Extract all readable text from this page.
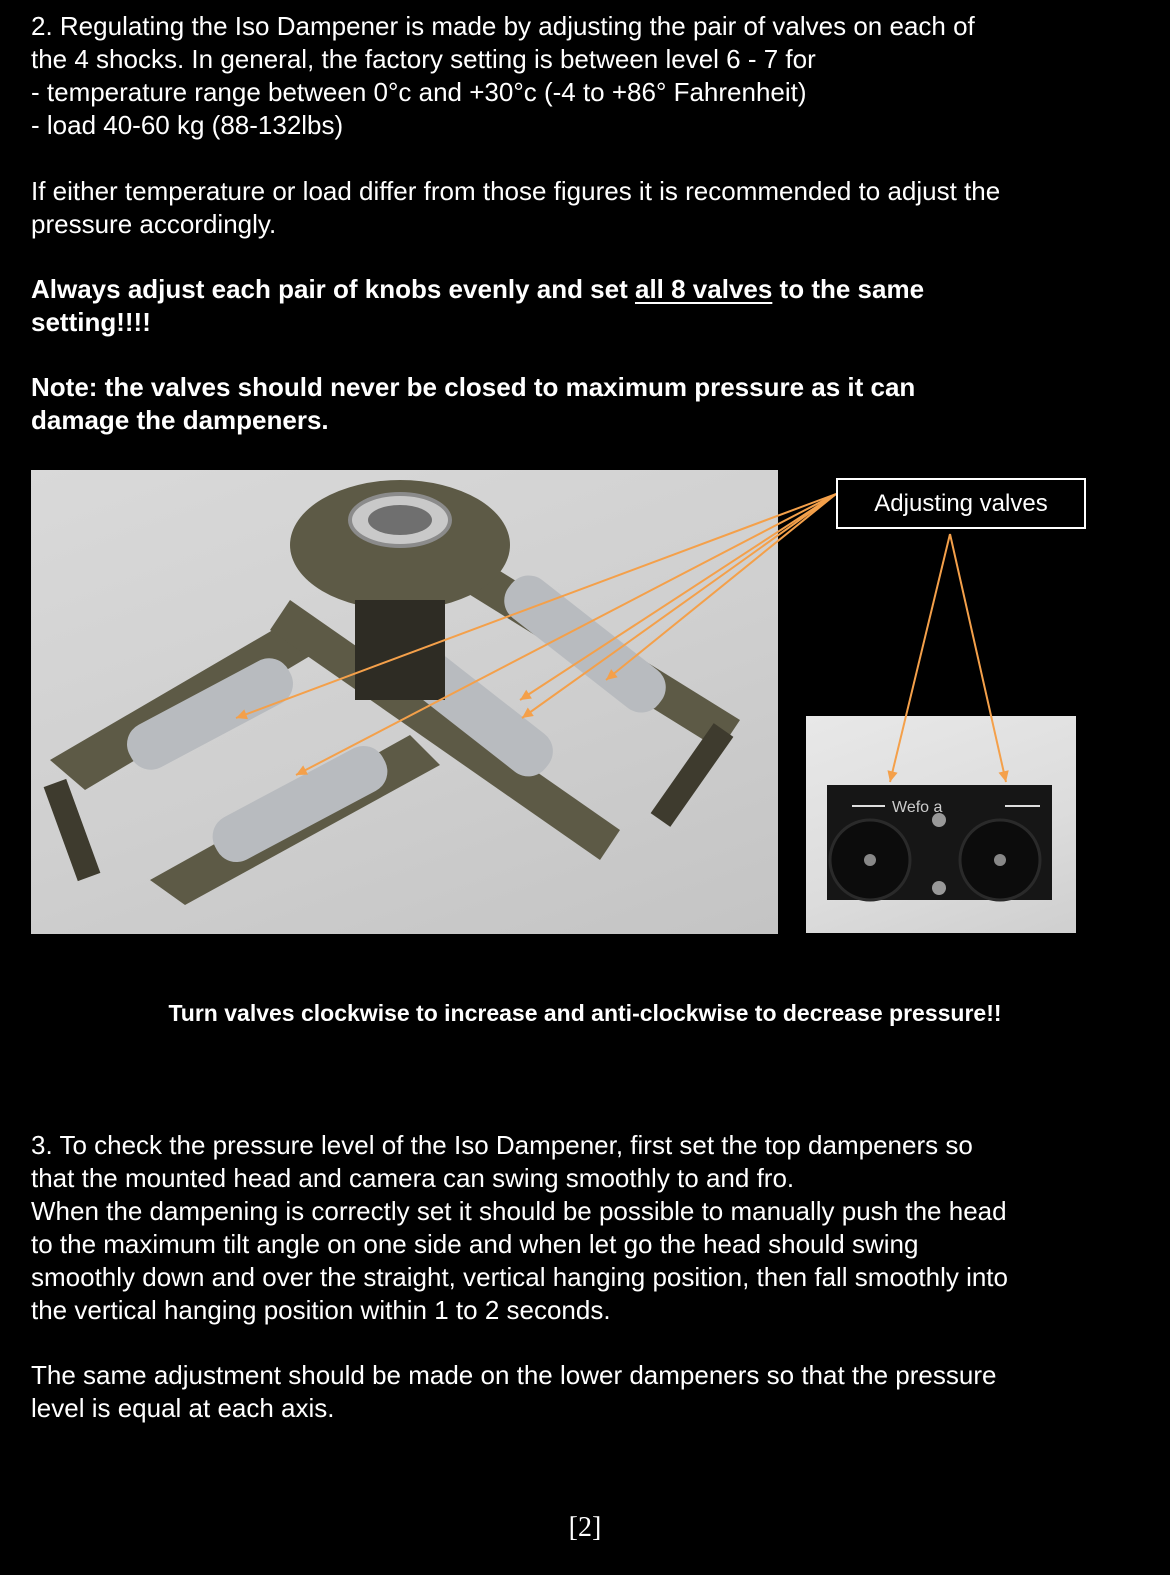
2. Regulating the Iso Dampener is made by adjusting the pair of valves on each of
the 4 shocks. In general, the factory setting is between level 6 - 7 for
- temperature range between 0°c and +30°c (-4 to +86° Fahrenheit)
- load 40-60 kg (88-132lbs)
If either temperature or load differ from those figures it is recommended to adjust the
pressure accordingly.
Always adjust each pair of knobs evenly and set all 8 valves to the same
setting!!!!
Note: the valves should never be closed to maximum pressure as it can
damage the dampeners.
Wefo a
Adjusting valves
Turn valves clockwise to increase and anti-clockwise to decrease pressure!!
3. To check the pressure level of the Iso Dampener, first set the top dampeners so
that the mounted head and camera can swing smoothly to and fro.
When the dampening is correctly set it should be possible to manually push the head
to the maximum tilt angle on one side and when let go the head should swing
smoothly down and over the straight, vertical hanging position, then fall smoothly into
the vertical hanging position within 1 to 2 seconds.
The same adjustment should be made on the lower dampeners so that the pressure
level is equal at each axis.
[2]
